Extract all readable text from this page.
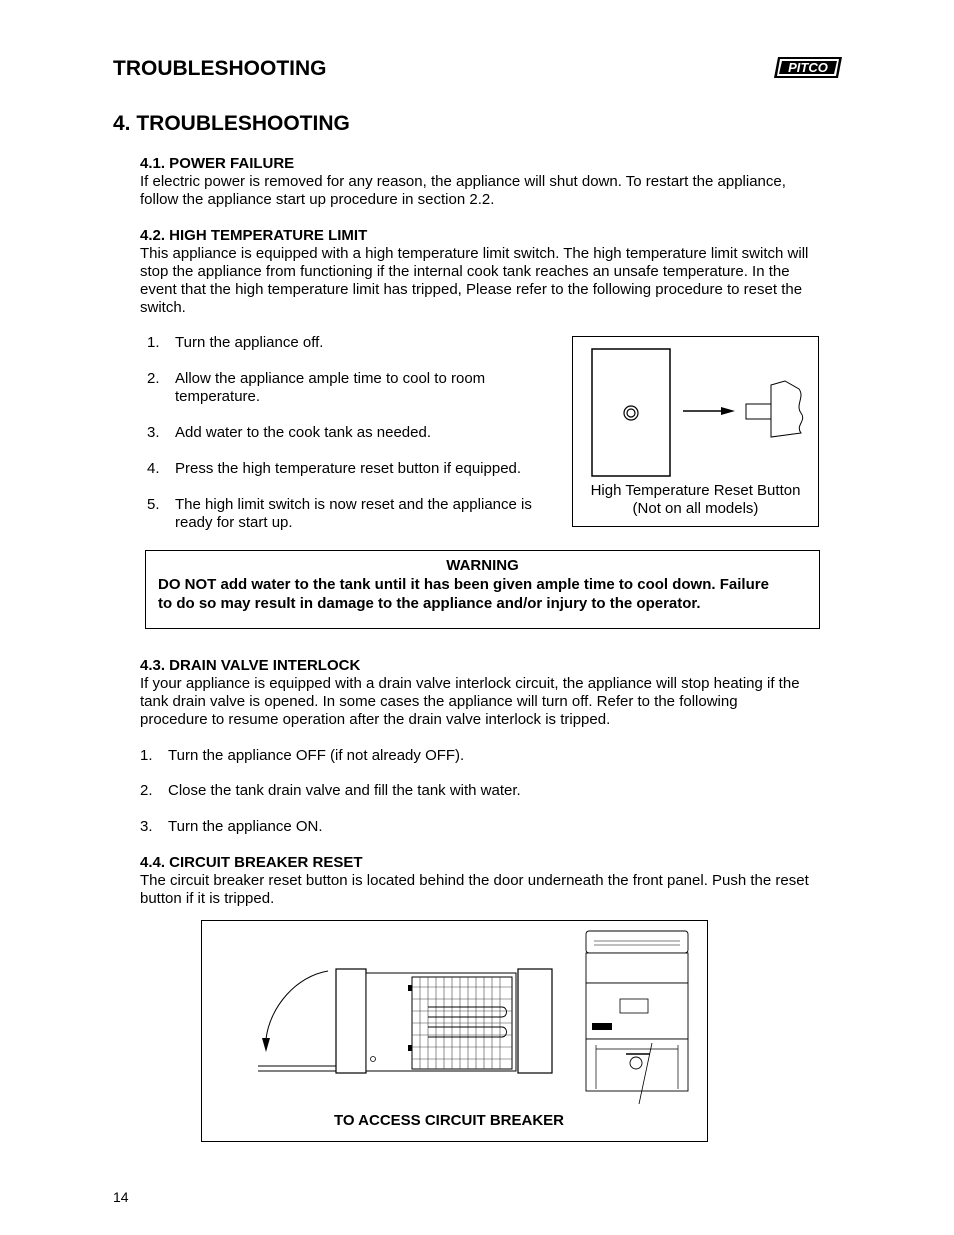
TROUBLESHOOTING	PITCO
4. TROUBLESHOOTING
4.1. POWER FAILURE
If electric power is removed for any reason, the appliance will shut down. To restart the appliance,
follow the appliance start up procedure in section 2.2.
4.2. HIGH TEMPERATURE LIMIT
This appliance is equipped with a high temperature limit switch. The high temperature limit switch will
stop the appliance from functioning if the internal cook tank reaches an unsafe temperature. In the
event that the high temperature limit has tripped, Please refer to the following procedure to reset the
switch.
1. Turn the appliance off.
2. Allow the appliance ample time to cool to room
temperature.
3. Add water to the cook tank as needed.
4. Press the high temperature reset button if equipped.
5. The high limit switch is now reset and the appliance is
ready for start up.
High Temperature Reset Button
(Not on all models)
WARNING
DO NOT add water to the tank until it has been given ample time to cool down. Failure
to do so may result in damage to the appliance and/or injury to the operator.
4.3. DRAIN VALVE INTERLOCK
If your appliance is equipped with a drain valve interlock circuit, the appliance will stop heating if the
tank drain valve is opened. In some cases the appliance will turn off. Refer to the following
procedure to resume operation after the drain valve interlock is tripped.
1. Turn the appliance OFF (if not already OFF).
2. Close the tank drain valve and fill the tank with water.
3. Turn the appliance ON.
4.4. CIRCUIT BREAKER RESET
The circuit breaker reset button is located behind the door underneath the front panel. Push the reset
button if it is tripped.
TO ACCESS CIRCUIT BREAKER
14
